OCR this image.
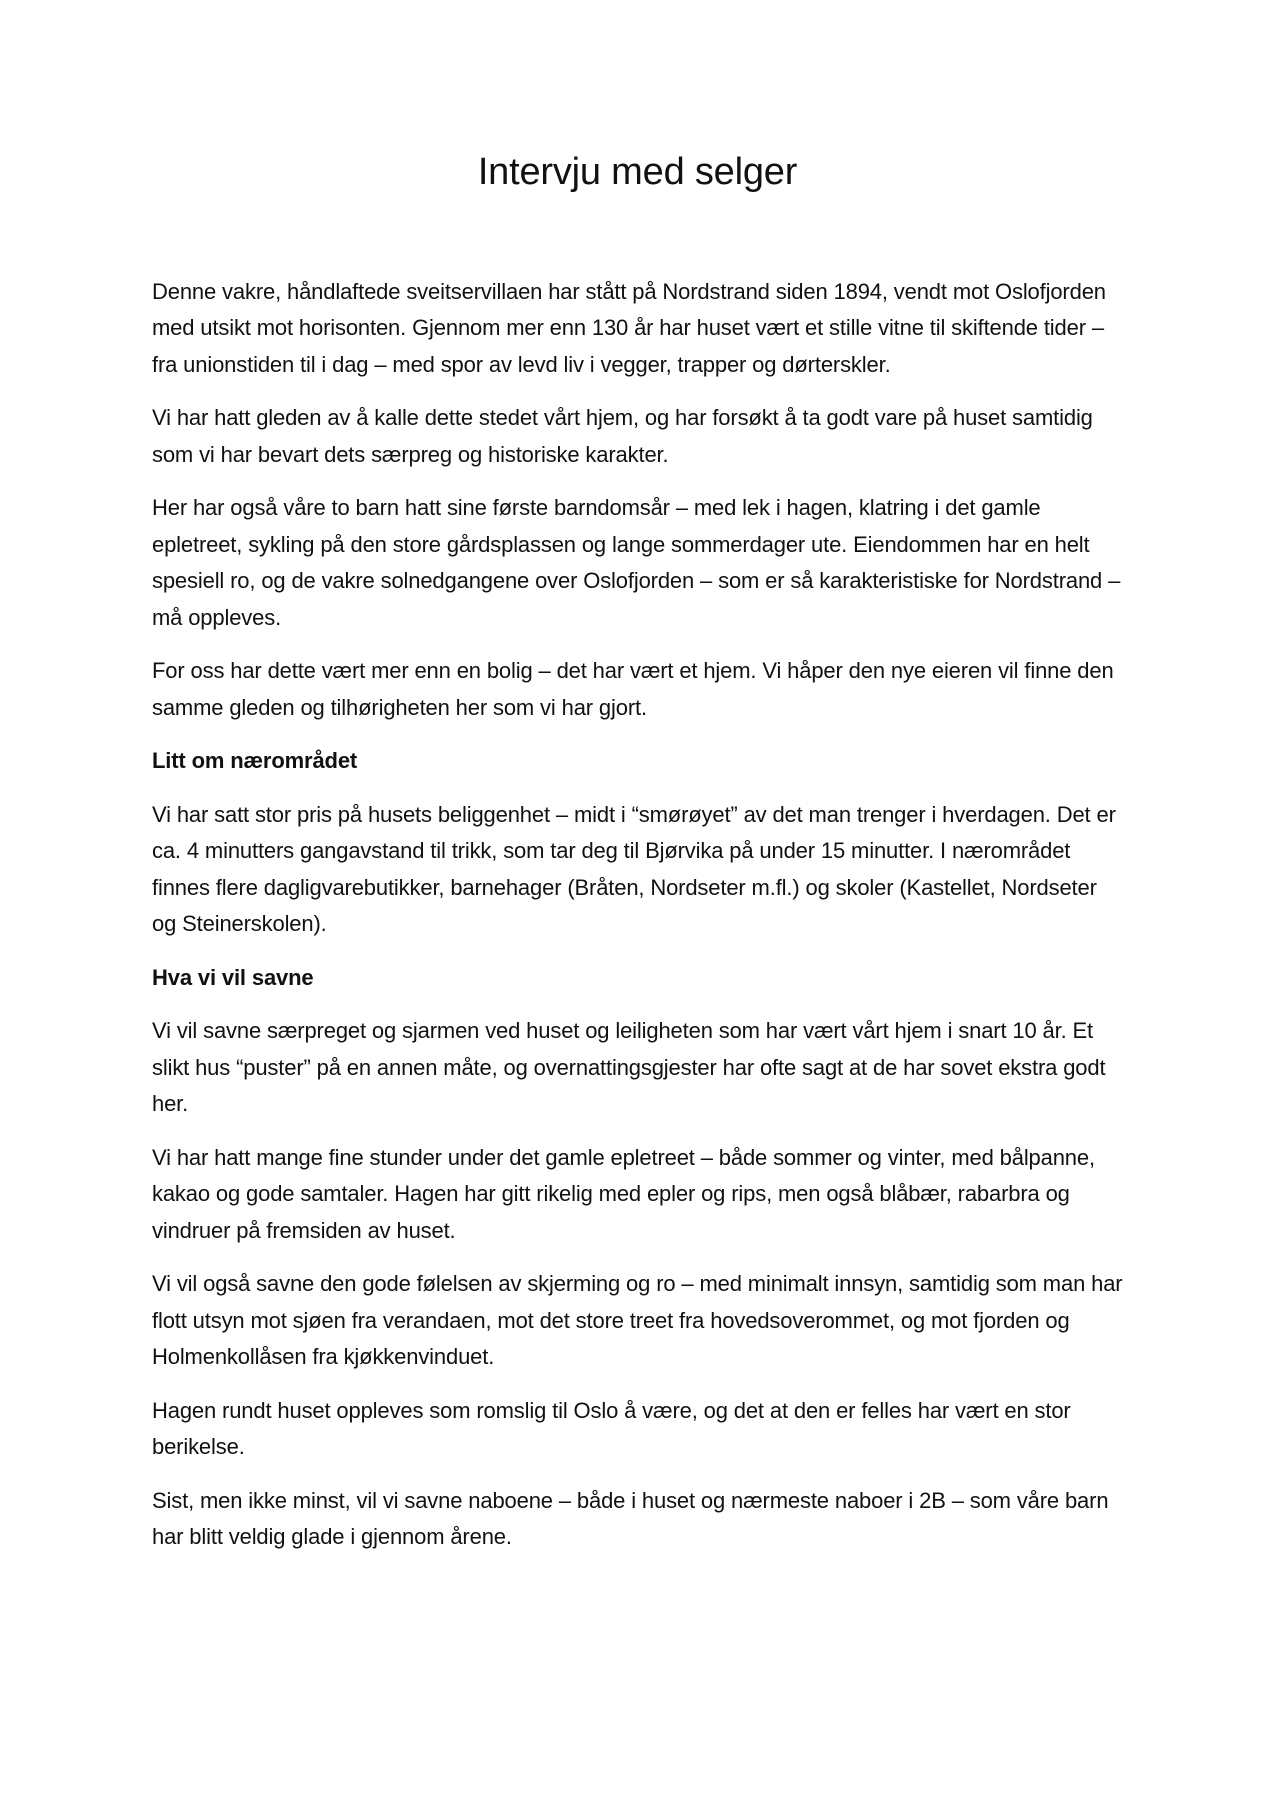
Intervju med selger

Denne vakre, håndlaftede sveitservillaen har stått på Nordstrand siden 1894, vendt mot Oslofjorden med utsikt mot horisonten. Gjennom mer enn 130 år har huset vært et stille vitne til skiftende tider – fra unionstiden til i dag – med spor av levd liv i vegger, trapper og dørterskler.

Vi har hatt gleden av å kalle dette stedet vårt hjem, og har forsøkt å ta godt vare på huset samtidig som vi har bevart dets særpreg og historiske karakter.

Her har også våre to barn hatt sine første barndomsår – med lek i hagen, klatring i det gamle epletreet, sykling på den store gårdsplassen og lange sommerdager ute. Eiendommen har en helt spesiell ro, og de vakre solnedgangene over Oslofjorden – som er så karakteristiske for Nordstrand – må oppleves.

For oss har dette vært mer enn en bolig – det har vært et hjem. Vi håper den nye eieren vil finne den samme gleden og tilhørigheten her som vi har gjort.

Litt om nærområdet

Vi har satt stor pris på husets beliggenhet – midt i “smørøyet” av det man trenger i hverdagen. Det er ca. 4 minutters gangavstand til trikk, som tar deg til Bjørvika på under 15 minutter. I nærområdet finnes flere dagligvarebutikker, barnehager (Bråten, Nordseter m.fl.) og skoler (Kastellet, Nordseter og Steinerskolen).

Hva vi vil savne

Vi vil savne særpreget og sjarmen ved huset og leiligheten som har vært vårt hjem i snart 10 år. Et slikt hus “puster” på en annen måte, og overnattingsgjester har ofte sagt at de har sovet ekstra godt her.

Vi har hatt mange fine stunder under det gamle epletreet – både sommer og vinter, med bålpanne, kakao og gode samtaler. Hagen har gitt rikelig med epler og rips, men også blåbær, rabarbra og vindruer på fremsiden av huset.

Vi vil også savne den gode følelsen av skjerming og ro – med minimalt innsyn, samtidig som man har flott utsyn mot sjøen fra verandaen, mot det store treet fra hovedsoverommet, og mot fjorden og Holmenkollåsen fra kjøkkenvinduet.

Hagen rundt huset oppleves som romslig til Oslo å være, og det at den er felles har vært en stor berikelse.

Sist, men ikke minst, vil vi savne naboene – både i huset og nærmeste naboer i 2B – som våre barn har blitt veldig glade i gjennom årene.
